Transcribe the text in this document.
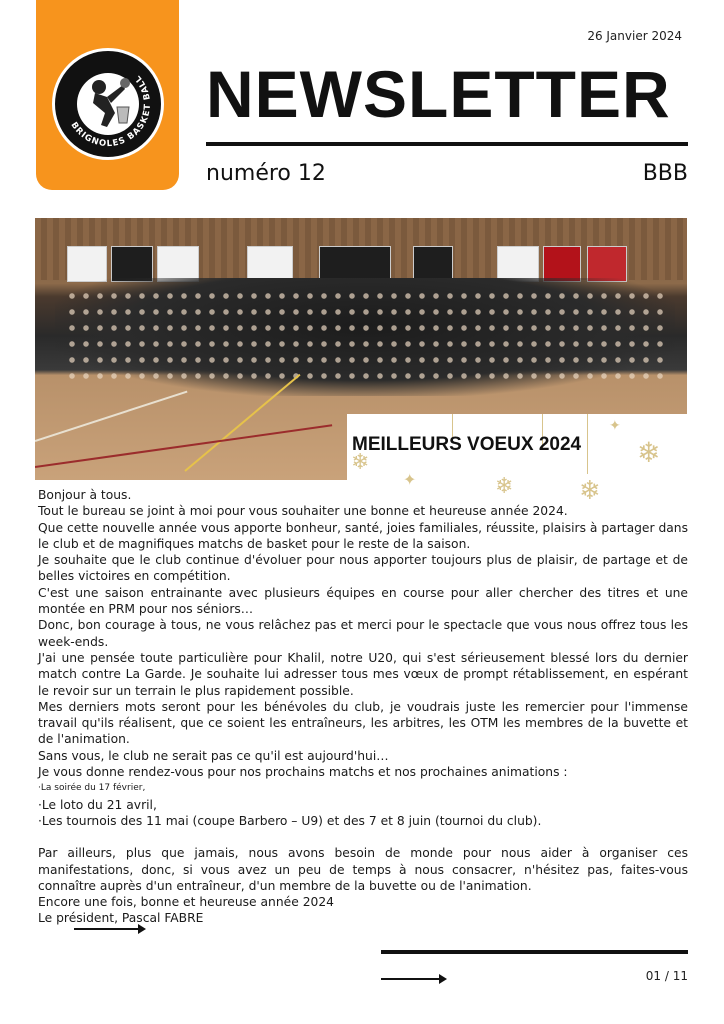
BRIGNOLES BASKET BALL
26 Janvier 2024
NEWSLETTER
numéro 12	BBB
❄
✦	❄	❄
❄
✦
MEILLEURS VOEUX 2024

Bonjour à tous.

Tout le bureau se joint à moi pour vous souhaiter une bonne et heureuse année 2024.

Que cette nouvelle année vous apporte bonheur, santé, joies familiales, réussite, plaisirs à partager dans le club et de magnifiques matchs de basket pour le reste de la saison.

Je souhaite que le club continue d'évoluer pour nous apporter toujours plus de plaisir, de partage et de belles victoires en compétition.

C'est une saison entrainante avec plusieurs équipes en course pour aller chercher des titres et une montée en PRM pour nos séniors…

Donc, bon courage à tous, ne vous relâchez pas et merci pour le spectacle que vous nous offrez tous les week-ends.

J'ai une pensée toute particulière pour Khalil, notre U20, qui s'est sérieusement blessé lors du dernier match contre La Garde. Je souhaite lui adresser tous mes vœux de prompt rétablissement, en espérant le revoir sur un terrain le plus rapidement possible.

Mes derniers mots seront pour les bénévoles du club, je voudrais juste les remercier pour l'immense travail qu'ils réalisent, que ce soient les entraîneurs, les arbitres, les OTM les membres de la buvette et de l'animation.

Sans vous, le club ne serait pas ce qu'il est aujourd'hui…

Je vous donne rendez-vous pour nos prochains matchs et nos prochaines animations :

·La soirée du 17 février,

·Le loto du 21 avril,

·Les tournois des 11 mai (coupe Barbero – U9) et des 7 et 8 juin (tournoi du club).

Par ailleurs, plus que jamais, nous avons besoin de monde pour nous aider à organiser ces manifestations, donc, si vous avez un peu de temps à nous consacrer, n'hésitez pas, faites-vous connaître auprès d'un entraîneur, d'un membre de la buvette ou de l'animation.

Encore une fois, bonne et heureuse année 2024

Le président, Pascal FABRE

01 / 11
